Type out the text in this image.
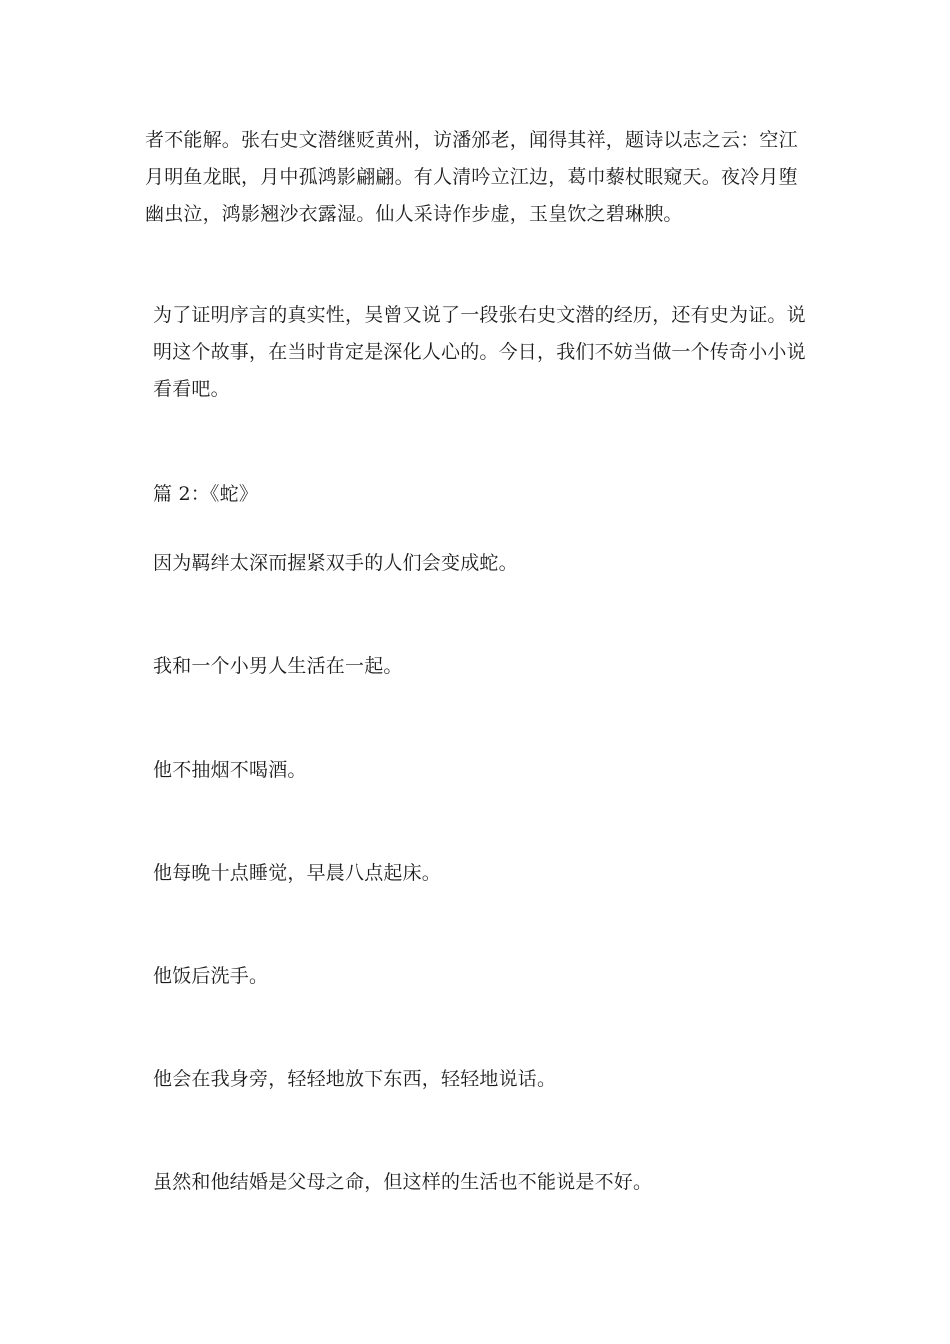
者不能解。张右史文潜继贬黄州，访潘邠老，闻得其祥，题诗以志之云：空江月明鱼龙眠，月中孤鸿影翩翩。有人清吟立江边，葛巾藜杖眼窥天。夜冷月堕幽虫泣，鸿影翘沙衣露湿。仙人采诗作步虚，玉皇饮之碧琳腴。

为了证明序言的真实性，吴曾又说了一段张右史文潜的经历，还有史为证。说明这个故事，在当时肯定是深化人心的。今日，我们不妨当做一个传奇小小说看看吧。

篇 2：《蛇》

因为羁绊太深而握紧双手的人们会变成蛇。

我和一个小男人生活在一起。

他不抽烟不喝酒。

他每晚十点睡觉，早晨八点起床。

他饭后洗手。

他会在我身旁，轻轻地放下东西，轻轻地说话。

虽然和他结婚是父母之命，但这样的生活也不能说是不好。
